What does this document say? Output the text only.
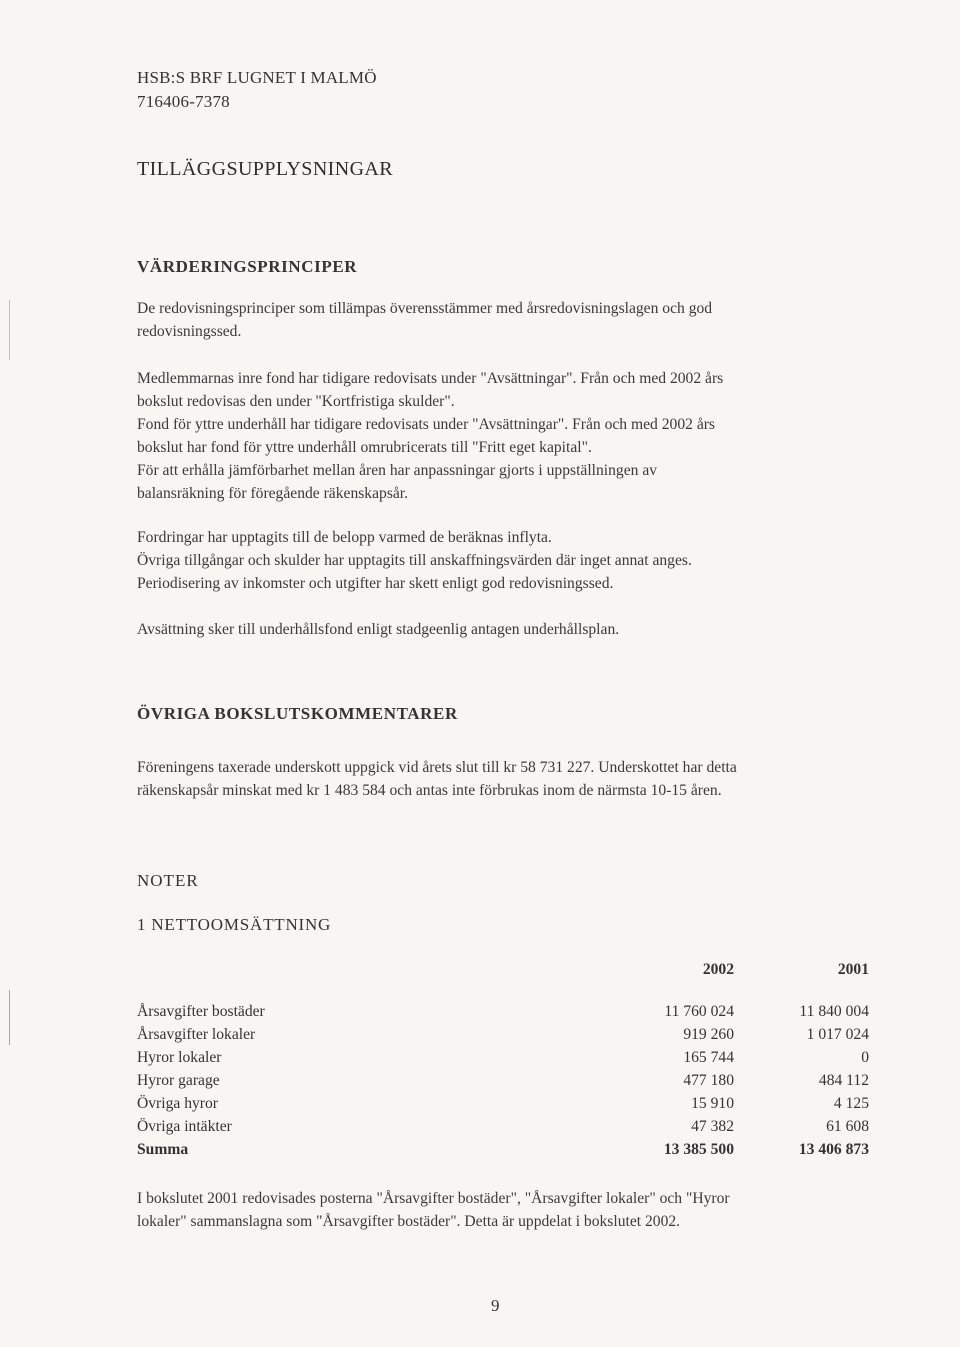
HSB:S BRF LUGNET I MALMÖ
716406-7378
TILLÄGGSUPPLYSNINGAR
VÄRDERINGSPRINCIPER
De redovisningsprinciper som tillämpas överensstämmer med årsredovisningslagen och god
redovisningssed.
Medlemmarnas inre fond har tidigare redovisats under "Avsättningar". Från och med 2002 års
bokslut redovisas den under "Kortfristiga skulder".
Fond för yttre underhåll har tidigare redovisats under "Avsättningar". Från och med 2002 års
bokslut har fond för yttre underhåll omrubricerats till "Fritt eget kapital".
För att erhålla jämförbarhet mellan åren har anpassningar gjorts i uppställningen av
balansräkning för föregående räkenskapsår.
Fordringar har upptagits till de belopp varmed de beräknas inflyta.
Övriga tillgångar och skulder har upptagits till anskaffningsvärden där inget annat anges.
Periodisering av inkomster och utgifter har skett enligt god redovisningssed.
Avsättning sker till underhållsfond enligt stadgeenlig antagen underhållsplan.
ÖVRIGA BOKSLUTSKOMMENTARER
Föreningens taxerade underskott uppgick vid årets slut till kr 58 731 227. Underskottet har detta
räkenskapsår minskat med kr 1 483 584 och antas inte förbrukas inom de närmsta 10-15 åren.
NOTER
1 NETTOOMSÄTTNING
	2002	2001

Årsavgifter bostäder	11 760 024	11 840 004
Årsavgifter lokaler	919 260	1 017 024
Hyror lokaler	165 744	0
Hyror garage	477 180	484 112
Övriga hyror	15 910	4 125
Övriga intäkter	47 382	61 608
Summa	13 385 500	13 406 873
I bokslutet 2001 redovisades posterna "Årsavgifter bostäder", "Årsavgifter lokaler" och "Hyror
lokaler" sammanslagna som "Årsavgifter bostäder". Detta är uppdelat i bokslutet 2002.
9
